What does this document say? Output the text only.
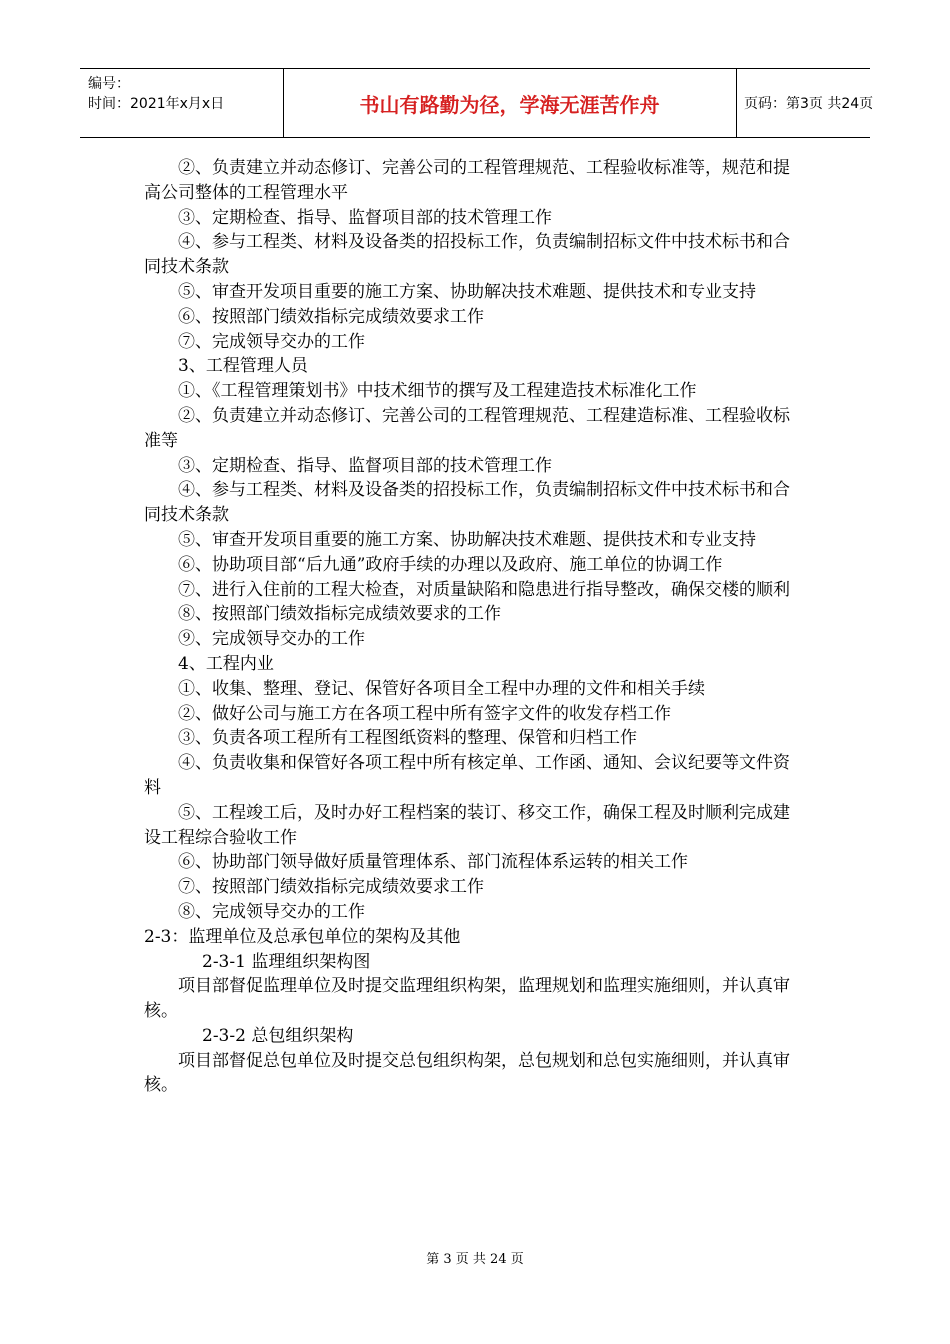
编号：
时间：2021年x月x日	书山有路勤为径，学海无涯苦作舟	页码：第3页 共24页

②、负责建立并动态修订、完善公司的工程管理规范、工程验收标准等，规范和提高公司整体的工程管理水平

③、定期检查、指导、监督项目部的技术管理工作

④、参与工程类、材料及设备类的招投标工作，负责编制招标文件中技术标书和合同技术条款

⑤、审查开发项目重要的施工方案、协助解决技术难题、提供技术和专业支持

⑥、按照部门绩效指标完成绩效要求工作

⑦、完成领导交办的工作

3、工程管理人员

①、《工程管理策划书》中技术细节的撰写及工程建造技术标准化工作

②、负责建立并动态修订、完善公司的工程管理规范、工程建造标准、工程验收标准等

③、定期检查、指导、监督项目部的技术管理工作

④、参与工程类、材料及设备类的招投标工作，负责编制招标文件中技术标书和合同技术条款

⑤、审查开发项目重要的施工方案、协助解决技术难题、提供技术和专业支持

⑥、协助项目部“后九通”政府手续的办理以及政府、施工单位的协调工作

⑦、进行入住前的工程大检查，对质量缺陷和隐患进行指导整改，确保交楼的顺利

⑧、按照部门绩效指标完成绩效要求的工作

⑨、完成领导交办的工作

4、工程内业

①、收集、整理、登记、保管好各项目全工程中办理的文件和相关手续

②、做好公司与施工方在各项工程中所有签字文件的收发存档工作

③、负责各项工程所有工程图纸资料的整理、保管和归档工作

④、负责收集和保管好各项工程中所有核定单、工作函、通知、会议纪要等文件资料

⑤、工程竣工后，及时办好工程档案的装订、移交工作，确保工程及时顺利完成建设工程综合验收工作

⑥、协助部门领导做好质量管理体系、部门流程体系运转的相关工作

⑦、按照部门绩效指标完成绩效要求工作

⑧、完成领导交办的工作

2-3：监理单位及总承包单位的架构及其他

2-3-1 监理组织架构图

项目部督促监理单位及时提交监理组织构架，监理规划和监理实施细则，并认真审核。

2-3-2 总包组织架构

项目部督促总包单位及时提交总包组织构架，总包规划和总包实施细则，并认真审核。

第 3 页 共 24 页
